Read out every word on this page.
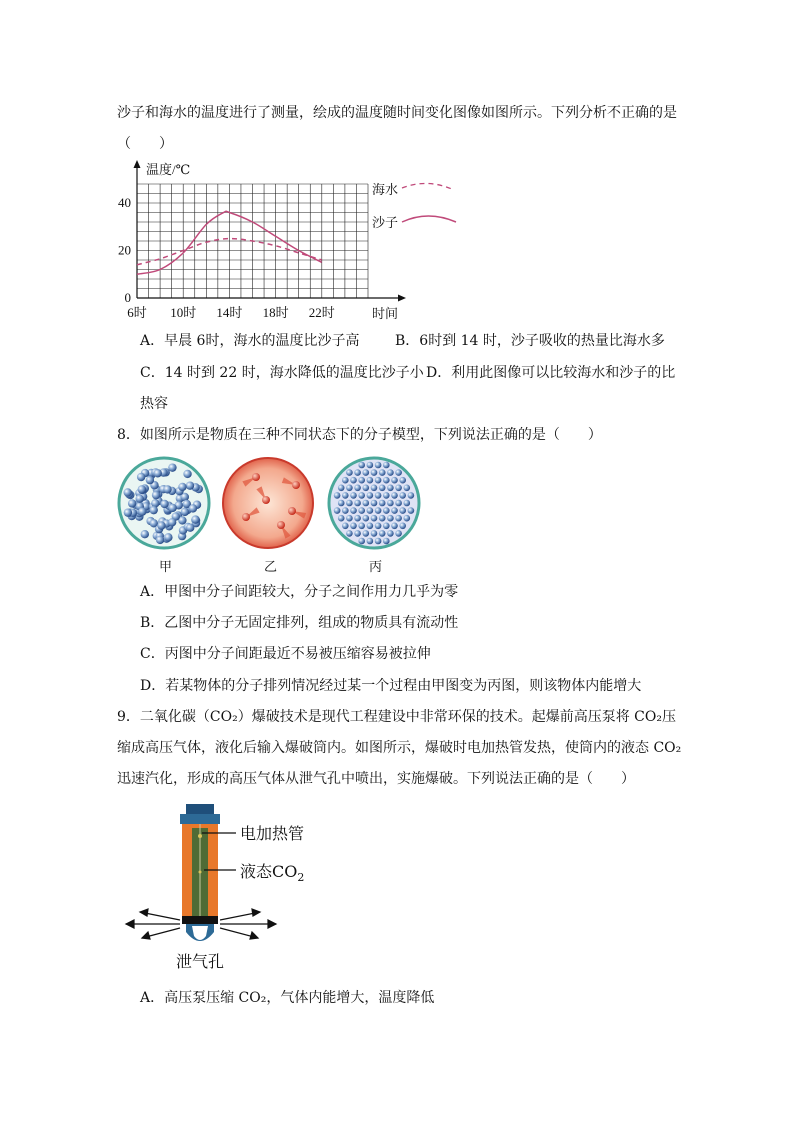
沙子和海水的温度进行了测量，绘成的温度随时间变化图像如图所示。下列分析不正确的是
（　　）
6时 10时 14时 18时 22时
0
20
40
温度/℃
时间
海水
沙子
A．早晨 6时，海水的温度比沙子高	B．6时到 14 时，沙子吸收的热量比海水多
C．14 时到 22 时，海水降低的温度比沙子小 D．利用此图像可以比较海水和沙子的比
热容
8．如图所示是物质在三种不同状态下的分子模型，下列说法正确的是（　　）
甲	乙	丙
A．甲图中分子间距较大，分子之间作用力几乎为零
B．乙图中分子无固定排列，组成的物质具有流动性
C．丙图中分子间距最近不易被压缩容易被拉伸
D．若某物体的分子排列情况经过某一个过程由甲图变为丙图，则该物体内能增大
9．二氧化碳（CO₂）爆破技术是现代工程建设中非常环保的技术。起爆前高压泵将 CO₂压
缩成高压气体，液化后输入爆破筒内。如图所示，爆破时电加热管发热，使筒内的液态 CO₂
迅速汽化，形成的高压气体从泄气孔中喷出，实施爆破。下列说法正确的是（　　）
电加热管
液态$CO_2$
泄气孔
A．高压泵压缩 CO₂，气体内能增大，温度降低
